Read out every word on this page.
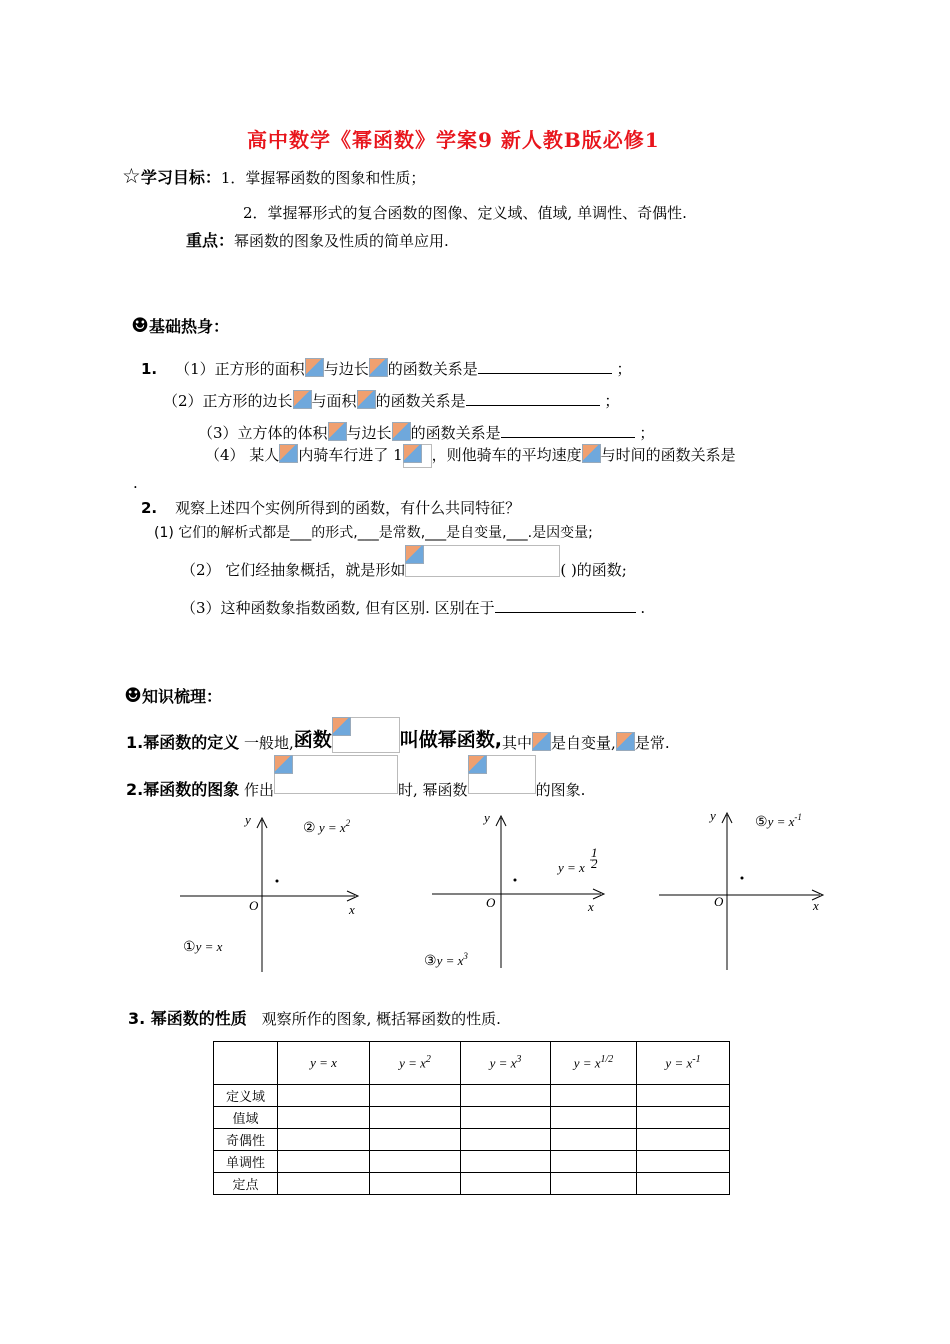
高中数学《幂函数》学案9 新人教B版必修1
☆学习目标：1．掌握幂函数的图象和性质；
2．掌握幂形式的复合函数的图像、定义域、值域, 单调性、奇偶性.
重点：幂函数的图象及性质的简单应用.
☻基础热身：
1. （1）正方形的面积 与边长 的函数关系是	；
（2）正方形的边长 与面积 的函数关系是	；
（3）立方体的体积 与边长 的函数关系是	；
（4） 某人 内骑车行进了 1 ，则他骑车的平均速度 与时间的函数关系是
.
2. 观察上述四个实例所得到的函数，有什么共同特征？
(1) 它们的解析式都是___的形式,___是常数,___是自变量,___.是因变量;
（2） 它们经抽象概括，就是形如	( )的函数;
（3）这种函数象指数函数, 但有区别. 区别在于	.
☻知识梳理：
1.幂函数的定义 一般地,函数	叫做幂函数,其中 是自变量, 是常.
2.幂函数的图象 作出	时, 幂函数	的图象.
y
x
O
② $y = x^2$
①y = x
y
x
O
y = x
1
2
③y = $x^3$
y
x
O
⑤y = $x^{-1}$
3. 幂函数的性质 观察所作的图象, 概括幂函数的性质.
	y = x	$y = x^2$	$y = x^3$	$y = x^{1/2}$	$y = x^{-1}$
定义域					
值域					
奇偶性					
单调性					
定点					
